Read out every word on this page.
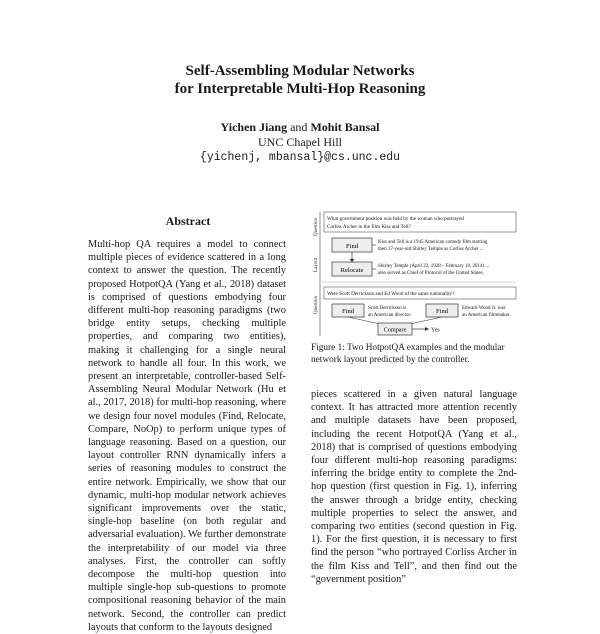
Self-Assembling Modular Networks
for Interpretable Multi-Hop Reasoning
Yichen Jiang and Mohit Bansal
UNC Chapel Hill
{yichenj, mbansal}@cs.unc.edu
Abstract
Multi-hop QA requires a model to connect multiple pieces of evidence scattered in a long context to answer the question. The recently proposed HotpotQA (Yang et al., 2018) dataset is comprised of questions embodying four different multi-hop reasoning paradigms (two bridge entity setups, checking multiple properties, and comparing two entities), making it challenging for a single neural network to handle all four. In this work, we present an interpretable, controller-based Self-Assembling Neural Modular Network (Hu et al., 2017, 2018) for multi-hop reasoning, where we design four novel modules (Find, Relocate, Compare, NoOp) to perform unique types of language reasoning. Based on a question, our layout controller RNN dynamically infers a series of reasoning modules to construct the entire network. Empirically, we show that our dynamic, multi-hop modular network achieves significant improvements over the static, single-hop baseline (on both regular and adversarial evaluation). We further demonstrate the interpretability of our model via three analyses. First, the controller can softly decompose the multi-hop question into multiple single-hop sub-questions to promote compositional reasoning behavior of the main network. Second, the controller can predict layouts that conform to the layouts designed
Question
Layout
Question
What government position was held by the woman who portrayed
Corliss Archer in the film Kiss and Tell?
Find
Relocate
Kiss and Tell is a 1945 American comedy film starring
then 17-year-old Shirley Temple as Corliss Archer ...
Shirley Temple (April 23, 1928 – February 10, 2014) ...
also served as Chief of Protocol of the United States.
Were Scott Derrickson and Ed Wood of the same nationality?
Find	Scott Derrickson is
an American director.
Find	Edward Wood Jr. was
an American filmmaker.
Compare	Yes
Figure 1: Two HotpotQA examples and the modular network layout predicted by the controller.
pieces scattered in a given natural language context. It has attracted more attention recently and multiple datasets have been proposed, including the recent HotpotQA (Yang et al., 2018) that is comprised of questions embodying four different multi-hop reasoning paradigms: inferring the bridge entity to complete the 2nd-hop question (first question in Fig. 1), inferring the answer through a bridge entity, checking multiple properties to select the answer, and comparing two entities (second question in Fig. 1). For the first question, it is necessary to first find the person “who portrayed Corliss Archer in the film Kiss and Tell”, and then find out the “government position”
